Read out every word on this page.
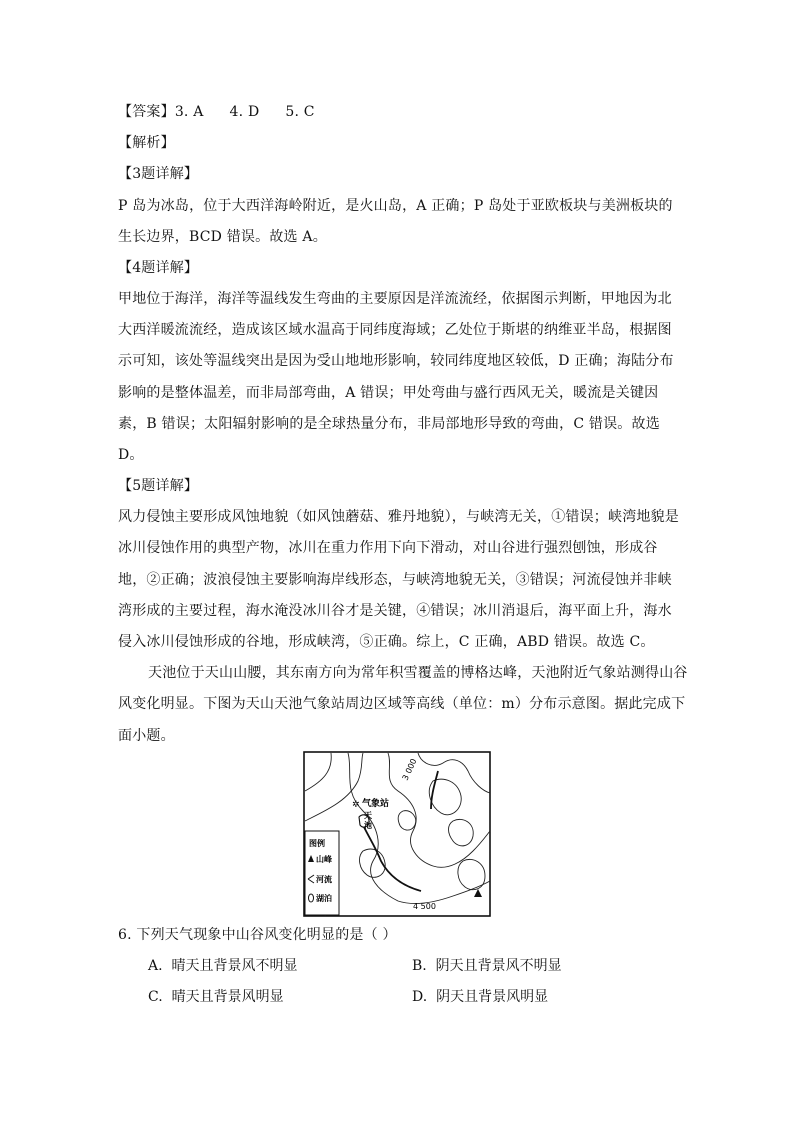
【答案】3. A 4. D 5. C
【解析】
【3题详解】
P 岛为冰岛，位于大西洋海岭附近，是火山岛，A 正确；P 岛处于亚欧板块与美洲板块的
生长边界，BCD 错误。故选 A。
【4题详解】
甲地位于海洋，海洋等温线发生弯曲的主要原因是洋流流经，依据图示判断，甲地因为北
大西洋暖流流经，造成该区域水温高于同纬度海域；乙处位于斯堪的纳维亚半岛，根据图
示可知，该处等温线突出是因为受山地地形影响，较同纬度地区较低，D 正确；海陆分布
影响的是整体温差，而非局部弯曲，A 错误；甲处弯曲与盛行西风无关，暖流是关键因
素，B 错误；太阳辐射影响的是全球热量分布，非局部地形导致的弯曲，C 错误。故选
D。
【5题详解】
风力侵蚀主要形成风蚀地貌（如风蚀蘑菇、雅丹地貌），与峡湾无关，①错误；峡湾地貌是
冰川侵蚀作用的典型产物，冰川在重力作用下向下滑动，对山谷进行强烈刨蚀，形成谷
地，②正确；波浪侵蚀主要影响海岸线形态，与峡湾地貌无关，③错误；河流侵蚀并非峡
湾形成的主要过程，海水淹没冰川谷才是关键，④错误；冰川消退后，海平面上升，海水
侵入冰川侵蚀形成的谷地，形成峡湾，⑤正确。综上，C 正确，ABD 错误。故选 C。
天池位于天山山腰，其东南方向为常年积雪覆盖的博格达峰，天池附近气象站测得山谷
风变化明显。下图为天山天池气象站周边区域等高线（单位：m）分布示意图。据此完成下
面小题。
3 000
4 500
✲ 气象站
天
池
图例
山峰
河流
湖泊
6. 下列天气现象中山谷风变化明显的是（ ）
A. 晴天且背景风不明显	B. 阴天且背景风不明显
C. 晴天且背景风明显	D. 阴天且背景风明显
